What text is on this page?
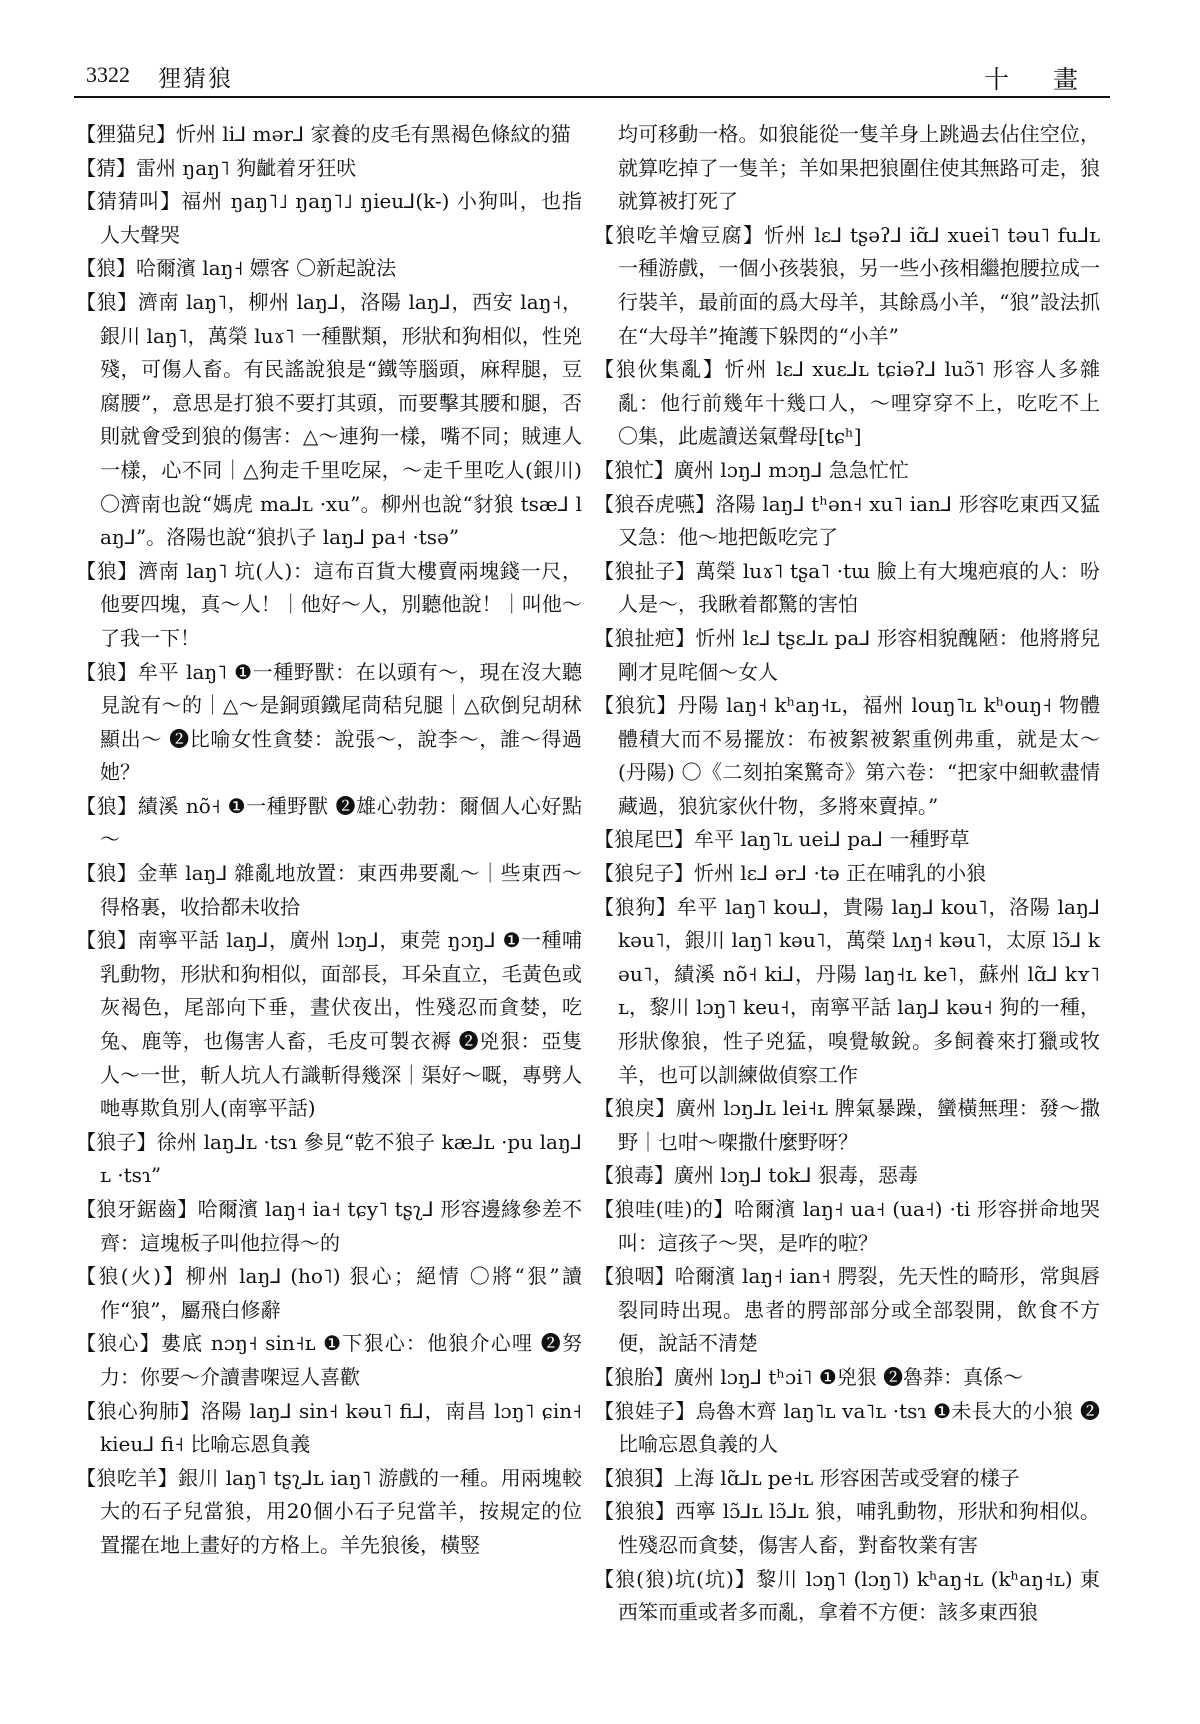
3322 狸猜狼	十 畫

【狸猫兒】忻州 li⅃ mər⅃ 家養的皮毛有黑褐色條紋的猫

【猜】雷州 ŋaŋ˥ 狗齜着牙狂吠

【猜猜叫】福州 ŋaŋ˥˩ ŋaŋ˥˩ ŋieu⅃(k-) 小狗叫，也指人大聲哭

【狼】哈爾濱 laŋ˧ 嫖客 〇新起說法

【狼】濟南 laŋ˥，柳州 laŋ⅃，洛陽 laŋ⅃，西安 laŋ˧，銀川 laŋ˥，萬榮 luɤ˥ 一種獸類，形狀和狗相似，性兇殘，可傷人畜。有民謠說狼是“鐵等腦頭，麻稈腿，豆腐腰”，意思是打狼不要打其頭，而要擊其腰和腿，否則就會受到狼的傷害：△～連狗一樣，嘴不同；賊連人一樣，心不同｜△狗走千里吃屎，～走千里吃人(銀川) 〇濟南也說“媽虎 ma⅃ʟ ·xu”。柳州也說“豺狼 tsæ⅃ laŋ⅃”。洛陽也說“狼扒子 laŋ⅃ pa˧ ·tsə”

【狼】濟南 laŋ˥ 坑(人)：這布百貨大樓賣兩塊錢一尺，他要四塊，真～人！｜他好～人，別聽他說！｜叫他～了我一下！

【狼】牟平 laŋ˥ ❶一種野獸：在以頭有～，現在沒大聽見說有～的｜△～是銅頭鐵尾茼秸兒腿｜△砍倒兒胡秫顯出～ ❷比喻女性貪婪：說張～，說李～，誰～得過她？

【狼】績溪 nõ˧ ❶一種野獸 ❷雄心勃勃：爾個人心好點～

【狼】金華 laŋ⅃ 雜亂地放置：東西弗要亂～｜些東西～得格裏，收拾都未收拾

【狼】南寧平話 laŋ⅃，廣州 lɔŋ⅃，東莞 ŋɔŋ⅃ ❶一種哺乳動物，形狀和狗相似，面部長，耳朵直立，毛黃色或灰褐色，尾部向下垂，晝伏夜出，性殘忍而貪婪，吃兔、鹿等，也傷害人畜，毛皮可製衣褥 ❷兇狠：亞隻人～一世，斬人坑人冇識斬得幾深｜渠好～嘅，專劈人哋專欺負別人(南寧平話)

【狼子】徐州 laŋ⅃ʟ ·tsɿ 參見“乾不狼子 kæ⅃ʟ ·pu laŋ⅃ʟ ·tsɿ”

【狼牙鋸齒】哈爾濱 laŋ˧ ia˧ tɕy˥ tʂʅ⅃ 形容邊緣參差不齊：這塊板子叫他拉得～的

【狼(火)】柳州 laŋ⅃ (ho˥) 狠心；絕情 〇將“狠”讀作“狼”，屬飛白修辭

【狼心】婁底 nɔŋ˧ sin˧ʟ ❶下狠心：他狼介心哩 ❷努力：你要～介讀書㗎逗人喜歡

【狼心狗肺】洛陽 laŋ⅃ sin˧ kəu˥ fi⅃，南昌 lɔŋ˥ ɕin˧ kieu⅃ fi˧ 比喻忘恩負義

【狼吃羊】銀川 laŋ˥ tʂʅ⅃ʟ iaŋ˥ 游戲的一種。用兩塊較大的石子兒當狼，用20個小石子兒當羊，按規定的位置擺在地上畫好的方格上。羊先狼後，橫竪

均可移動一格。如狼能從一隻羊身上跳過去佔住空位，就算吃掉了一隻羊；羊如果把狼圍住使其無路可走，狼就算被打死了

【狼吃羊燴豆腐】忻州 lɛ⅃ tʂəʔ⅃ iɑ̃⅃ xuei˥ təu˥ fu⅃ʟ 一種游戲，一個小孩裝狼，另一些小孩相繼抱腰拉成一行裝羊，最前面的爲大母羊，其餘爲小羊，“狼”設法抓在“大母羊”掩護下躲閃的“小羊”

【狼伙集亂】忻州 lɛ⅃ xuɛ⅃ʟ tɕiəʔ⅃ luɔ̃˥ 形容人多雜亂：他行前幾年十幾口人，～哩穿穿不上，吃吃不上 〇集，此處讀送氣聲母[tɕʰ]

【狼忙】廣州 lɔŋ⅃ mɔŋ⅃ 急急忙忙

【狼吞虎嚥】洛陽 laŋ⅃ tʰən˧ xu˥ ian⅃ 形容吃東西又猛又急：他～地把飯吃完了

【狼扯子】萬榮 luɤ˥ tʂa˥ ·tɯ 臉上有大塊疤痕的人：吩人是～，我瞅着都驚的害怕

【狼扯疤】忻州 lɛ⅃ tʂɛ⅃ʟ pa⅃ 形容相貌醜陋：他將將兒剛才見咤個～女人

【狼犺】丹陽 laŋ˧ kʰaŋ˧ʟ，福州 louŋ˥ʟ kʰouŋ˧ 物體體積大而不易擺放：布被絮被絮重例弗重，就是太～(丹陽) 〇《二刻拍案驚奇》第六卷：“把家中細軟盡情藏過，狼犺家伙什物，多將來賣掉。”

【狼尾巴】牟平 laŋ˥ʟ uei⅃ pa⅃ 一種野草

【狼兒子】忻州 lɛ⅃ ər⅃ ·tə 正在哺乳的小狼

【狼狗】牟平 laŋ˥ kou⅃，貴陽 laŋ⅃ kou˥，洛陽 laŋ⅃ kəu˥，銀川 laŋ˥ kəu˥，萬榮 lʌŋ˧ kəu˥，太原 lɔ̃⅃ kəu˥，績溪 nõ˧ ki⅃，丹陽 laŋ˧ʟ ke˥，蘇州 lɑ̃⅃ kʏ˥ʟ，黎川 lɔŋ˥ keu˧，南寧平話 laŋ⅃ kəu˧ 狗的一種，形狀像狼，性子兇猛，嗅覺敏銳。多飼養來打獵或牧羊，也可以訓練做偵察工作

【狼戾】廣州 lɔŋ⅃ʟ lei˧ʟ 脾氣暴躁，蠻橫無理：發～撒野｜乜咁～㗎撒什麼野呀？

【狼毒】廣州 lɔŋ⅃ tok⅃ 狠毒，惡毒

【狼哇(哇)的】哈爾濱 laŋ˧ ua˧ (ua˧) ·ti 形容拼命地哭叫：這孩子～哭，是咋的啦？

【狼咽】哈爾濱 laŋ˧ ian˧ 腭裂，先天性的畸形，常與唇裂同時出現。患者的腭部部分或全部裂開，飲食不方便，說話不清楚

【狼胎】廣州 lɔŋ⅃ tʰɔi˥ ❶兇狠 ❷魯莽：真係～

【狼娃子】烏魯木齊 laŋ˥ʟ va˥ʟ ·tsɿ ❶未長大的小狼 ❷比喻忘恩負義的人

【狼狽】上海 lɑ̃⅃ʟ pe˧ʟ 形容困苦或受窘的樣子

【狼狼】西寧 lɔ̃⅃ʟ lɔ̃⅃ʟ 狼，哺乳動物，形狀和狗相似。性殘忍而貪婪，傷害人畜，對畜牧業有害

【狼(狼)坑(坑)】黎川 lɔŋ˥ (lɔŋ˥) kʰaŋ˧ʟ (kʰaŋ˧ʟ) 東西笨而重或者多而亂，拿着不方便：該多東西狼
